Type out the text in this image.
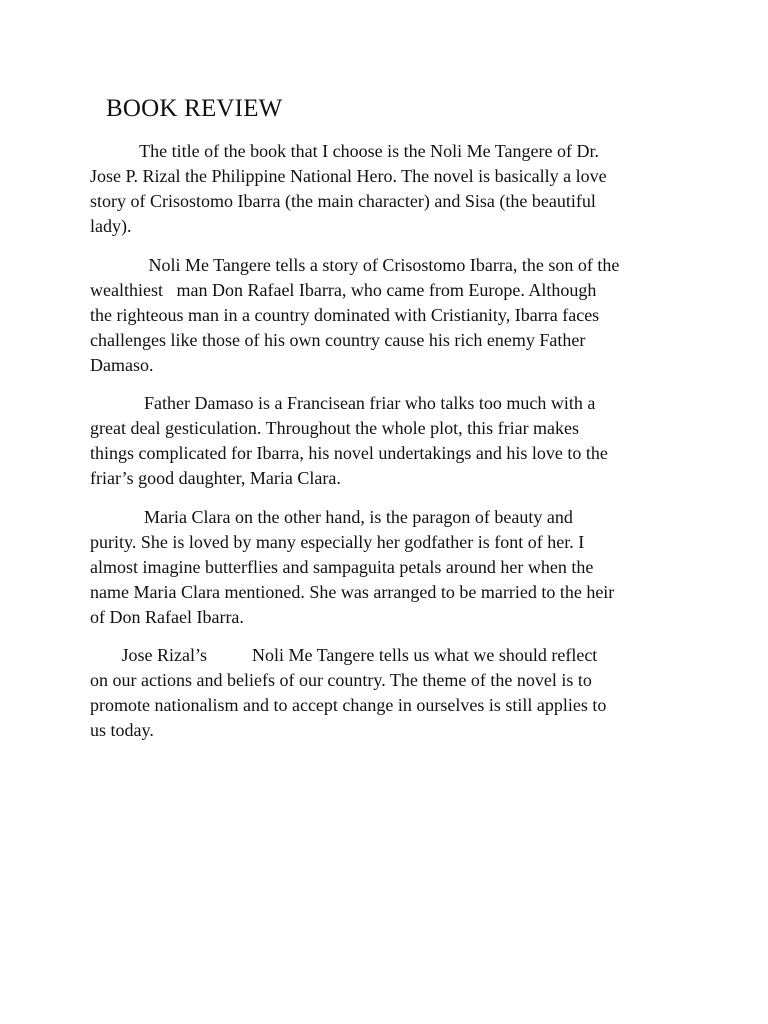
BOOK REVIEW
The title of the book that I choose is the Noli Me Tangere of Dr.
Jose P. Rizal the Philippine National Hero. The novel is basically a love
story of Crisostomo Ibarra (the main character) and Sisa (the beautiful
lady).
Noli Me Tangere tells a story of Crisostomo Ibarra, the son of the
wealthiest   man Don Rafael Ibarra, who came from Europe. Although
the righteous man in a country dominated with Cristianity, Ibarra faces
challenges like those of his own country cause his rich enemy Father
Damaso.
Father Damaso is a Francisean friar who talks too much with a
great deal gesticulation. Throughout the whole plot, this friar makes
things complicated for Ibarra, his novel undertakings and his love to the
friar’s good daughter, Maria Clara.
Maria Clara on the other hand, is the paragon of beauty and
purity. She is loved by many especially her godfather is font of her. I
almost imagine butterflies and sampaguita petals around her when the
name Maria Clara mentioned. She was arranged to be married to the heir
of Don Rafael Ibarra.
Jose Rizal’s          Noli Me Tangere tells us what we should reflect
on our actions and beliefs of our country. The theme of the novel is to
promote nationalism and to accept change in ourselves is still applies to
us today.
